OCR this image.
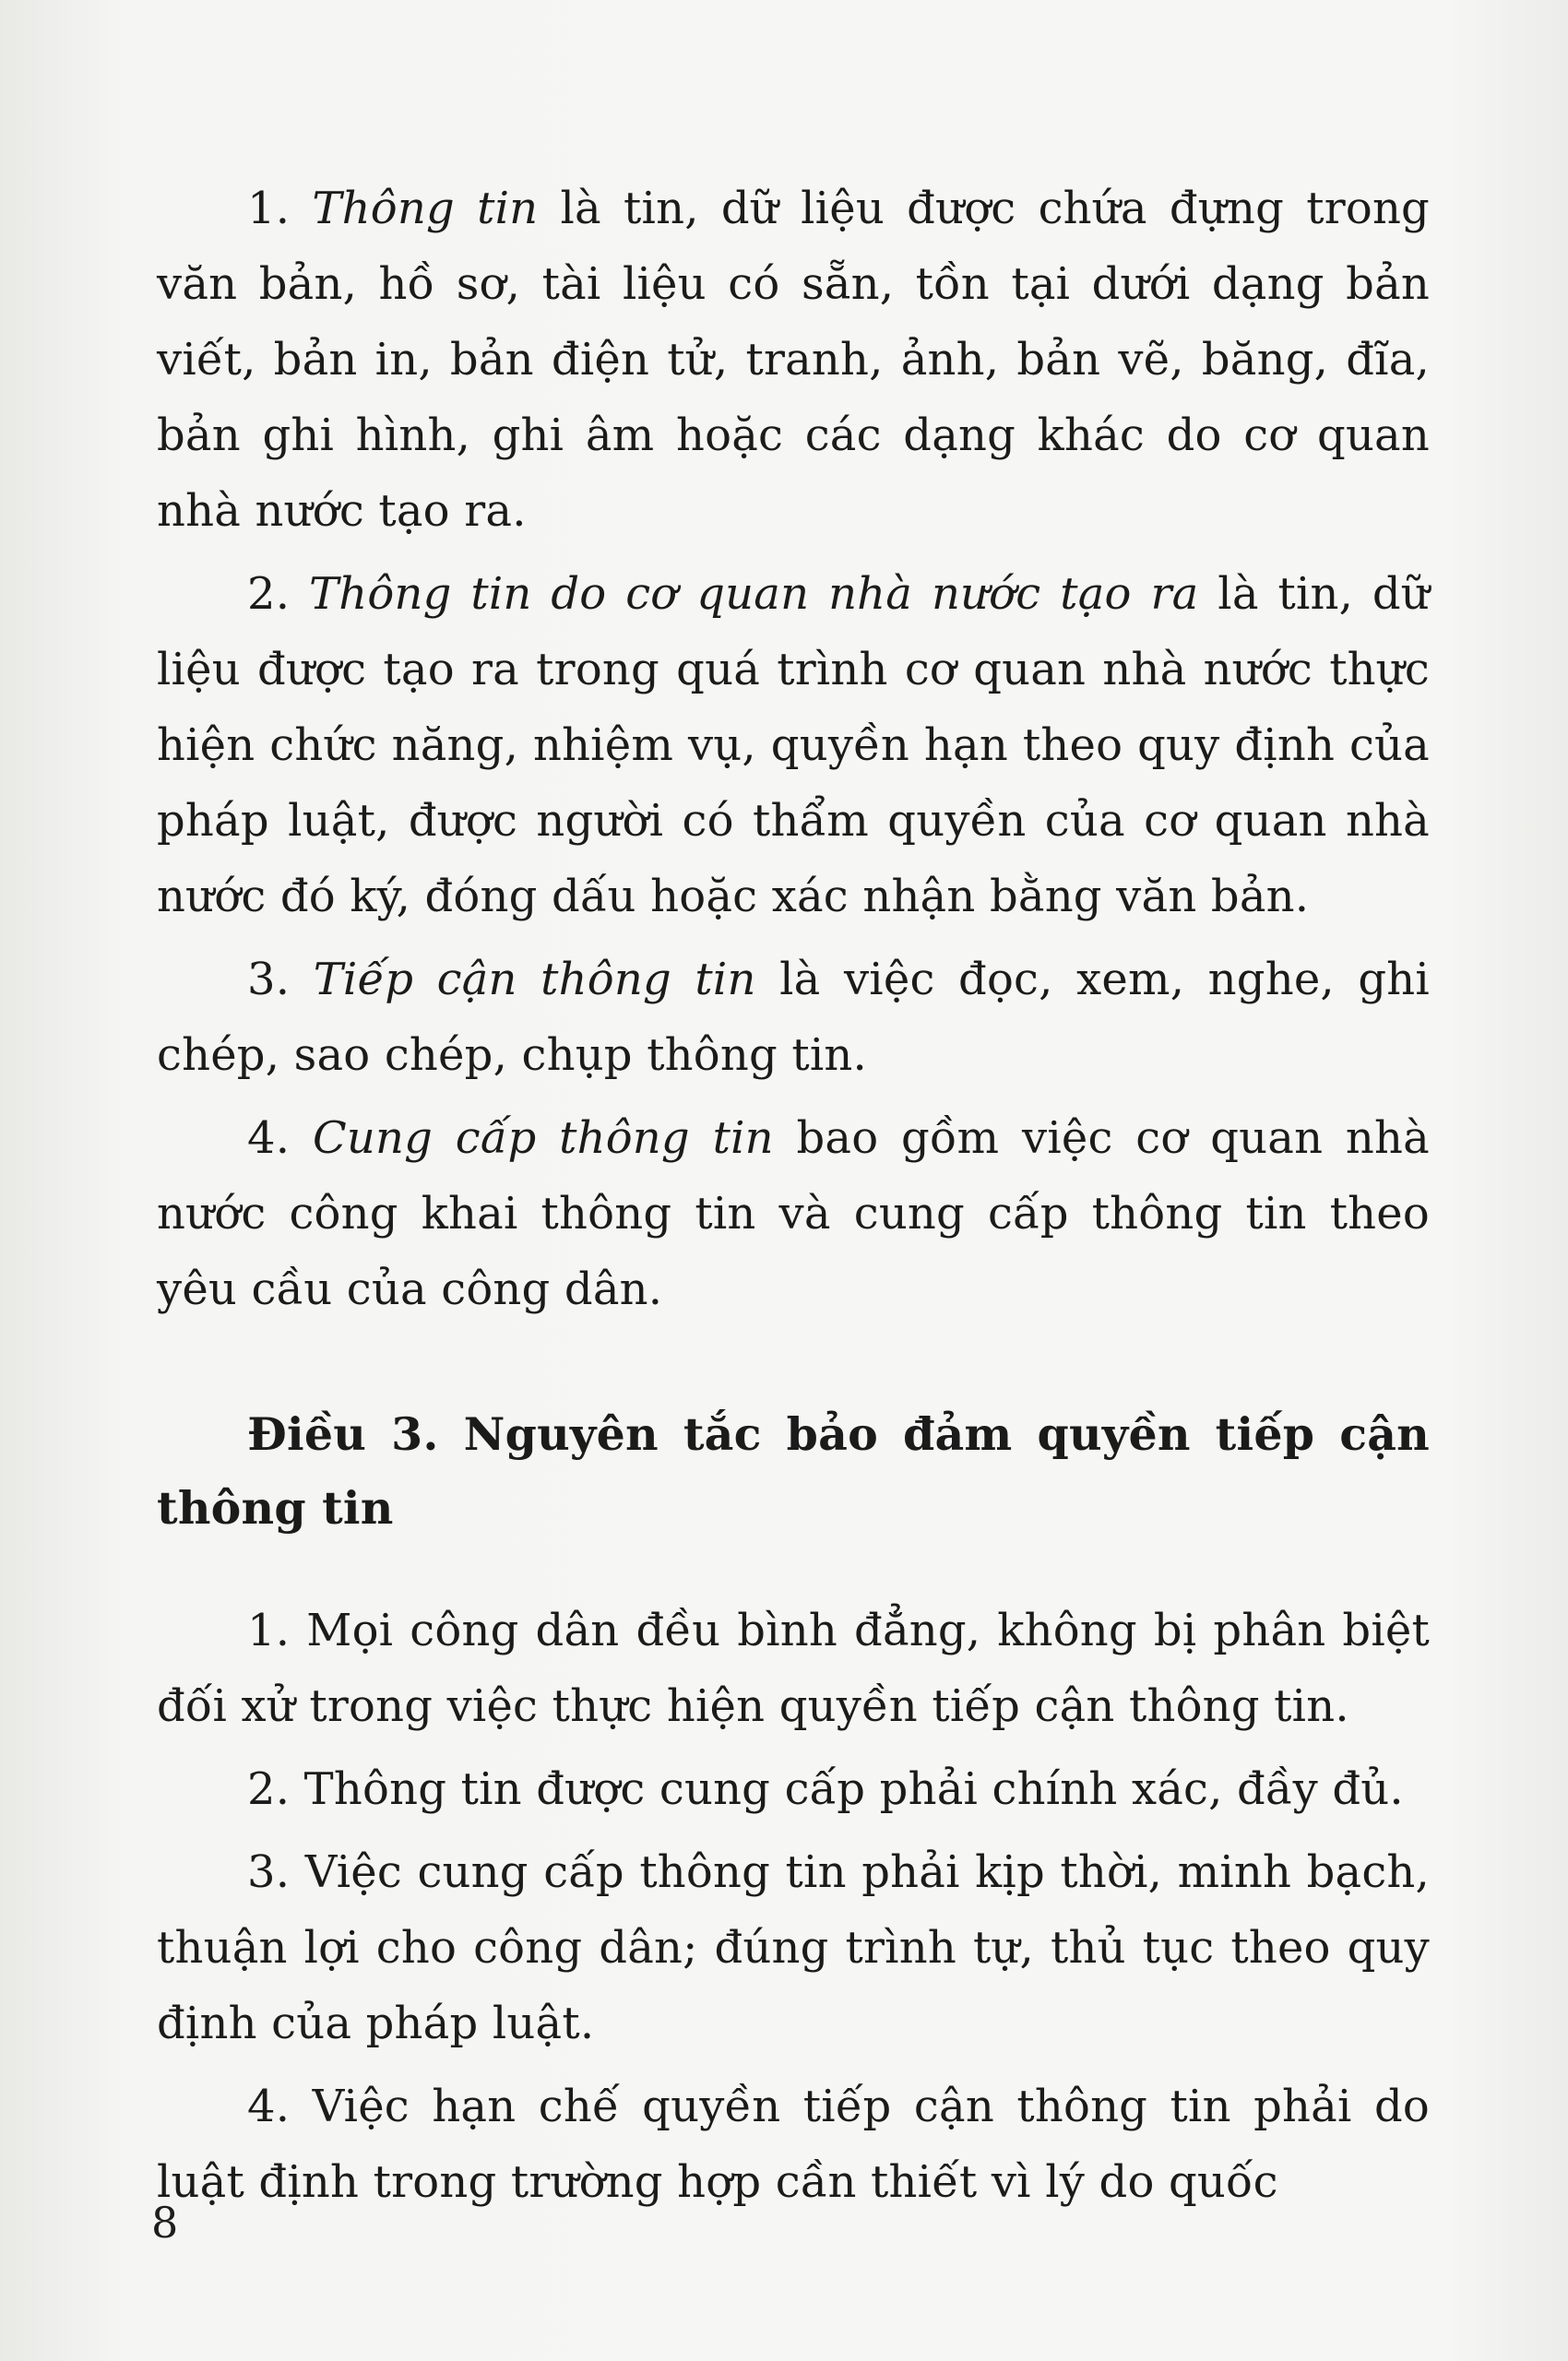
1. Thông tin là tin, dữ liệu được chứa đựng trong văn bản, hồ sơ, tài liệu có sẵn, tồn tại dưới dạng bản viết, bản in, bản điện tử, tranh, ảnh, bản vẽ, băng, đĩa, bản ghi hình, ghi âm hoặc các dạng khác do cơ quan nhà nước tạo ra.

2. Thông tin do cơ quan nhà nước tạo ra là tin, dữ liệu được tạo ra trong quá trình cơ quan nhà nước thực hiện chức năng, nhiệm vụ, quyền hạn theo quy định của pháp luật, được người có thẩm quyền của cơ quan nhà nước đó ký, đóng dấu hoặc xác nhận bằng văn bản.

3. Tiếp cận thông tin là việc đọc, xem, nghe, ghi chép, sao chép, chụp thông tin.

4. Cung cấp thông tin bao gồm việc cơ quan nhà nước công khai thông tin và cung cấp thông tin theo yêu cầu của công dân.

Điều 3. Nguyên tắc bảo đảm quyền tiếp cận thông tin

1. Mọi công dân đều bình đẳng, không bị phân biệt đối xử trong việc thực hiện quyền tiếp cận thông tin.

2. Thông tin được cung cấp phải chính xác, đầy đủ.

3. Việc cung cấp thông tin phải kịp thời, minh bạch, thuận lợi cho công dân; đúng trình tự, thủ tục theo quy định của pháp luật.

4. Việc hạn chế quyền tiếp cận thông tin phải do luật định trong trường hợp cần thiết vì lý do quốc

8
